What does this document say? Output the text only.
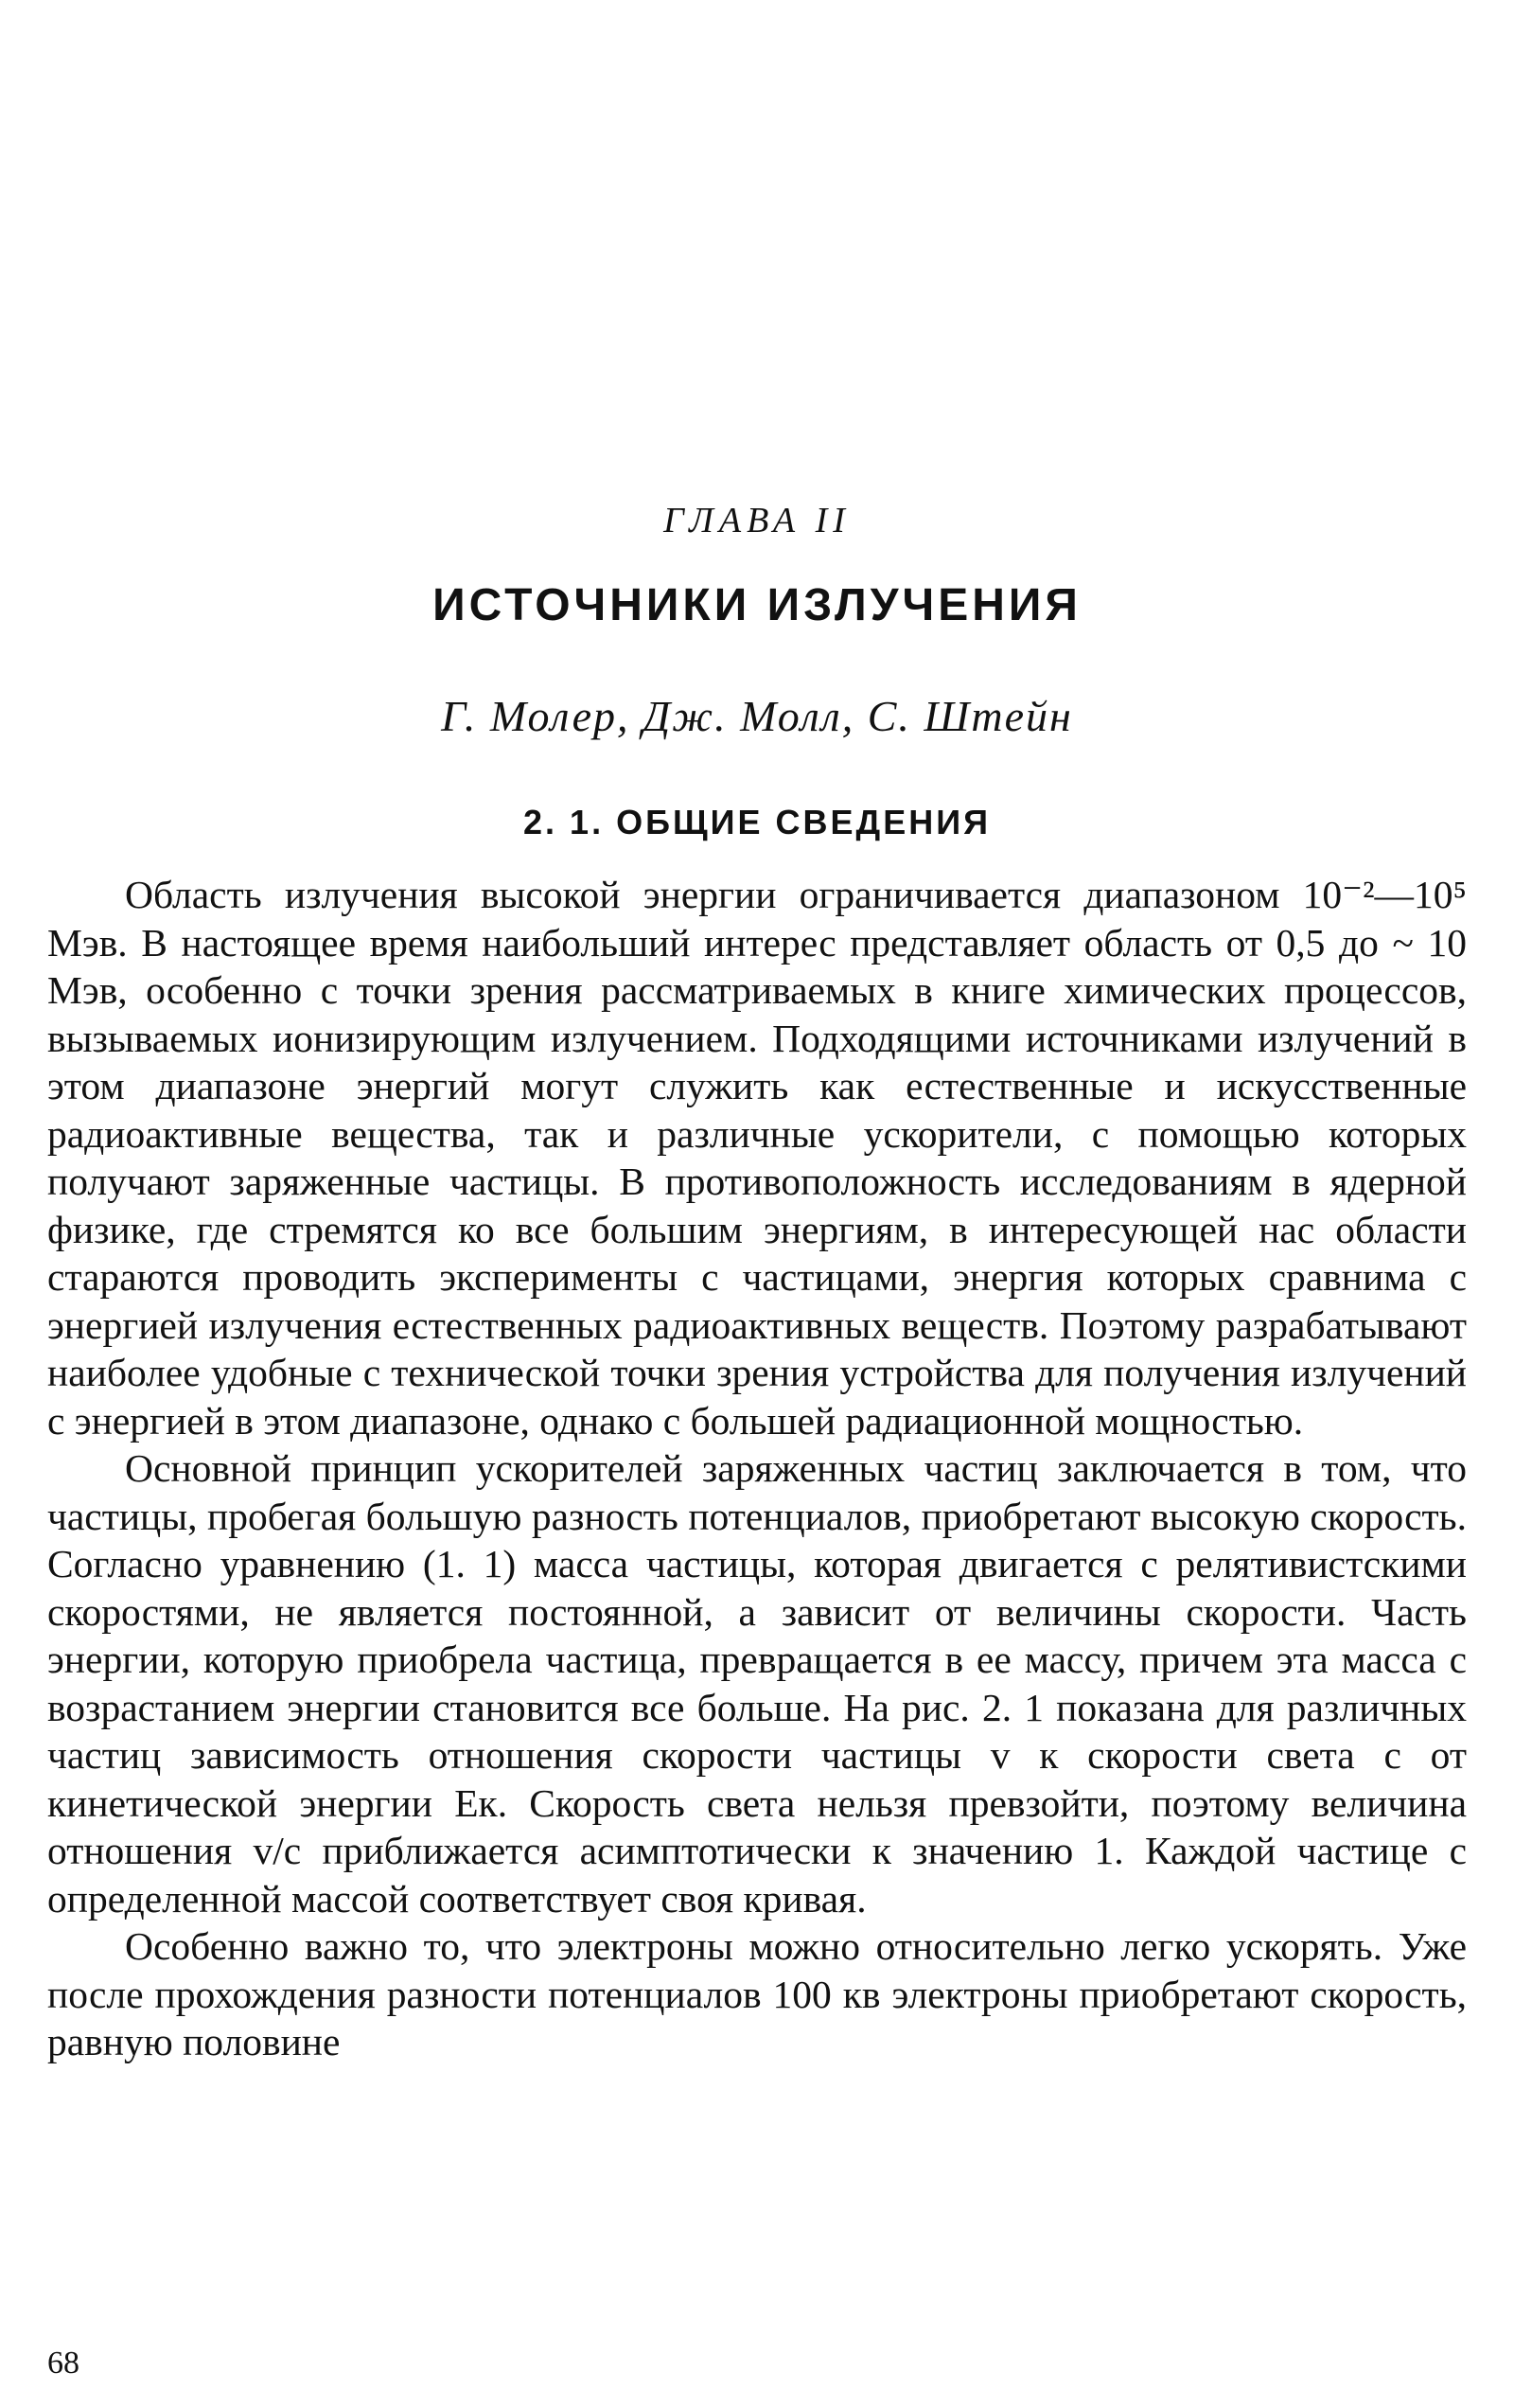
ГЛАВА II
ИСТОЧНИКИ ИЗЛУЧЕНИЯ
Г. Молер, Дж. Молл, С. Штейн
2. 1. ОБЩИЕ СВЕДЕНИЯ

Область излучения высокой энергии ограничивается диапазоном 10⁻²—10⁵ Мэв. В настоящее время наибольший интерес представляет область от 0,5 до ~ 10 Мэв, особенно с точки зрения рассматриваемых в книге химических процессов, вызываемых ионизирующим излучением. Подходящими источниками излучений в этом диапазоне энергий могут служить как естественные и искусственные радиоактивные вещества, так и различные ускорители, с помощью которых получают заряженные частицы. В противоположность исследованиям в ядерной физике, где стремятся ко все большим энергиям, в интересующей нас области стараются проводить эксперименты с частицами, энергия которых сравнима с энергией излучения естественных радиоактивных веществ. Поэтому разрабатывают наиболее удобные с технической точки зрения устройства для получения излучений с энергией в этом диапазоне, однако с большей радиационной мощностью.

Основной принцип ускорителей заряженных частиц заключается в том, что частицы, пробегая большую разность потенциалов, приобретают высокую скорость. Согласно уравнению (1. 1) масса частицы, которая двигается с релятивистскими скоростями, не является постоянной, а зависит от величины скорости. Часть энергии, которую приобрела частица, превращается в ее массу, причем эта масса с возрастанием энергии становится все больше. На рис. 2. 1 показана для различных частиц зависимость отношения скорости частицы v к скорости света c от кинетической энергии Eк. Скорость света нельзя превзойти, поэтому величина отношения v/c приближается асимптотически к значению 1. Каждой частице с определенной массой соответствует своя кривая.

Особенно важно то, что электроны можно относительно легко ускорять. Уже после прохождения разности потенциалов 100 кв электроны приобретают скорость, равную половине

68
